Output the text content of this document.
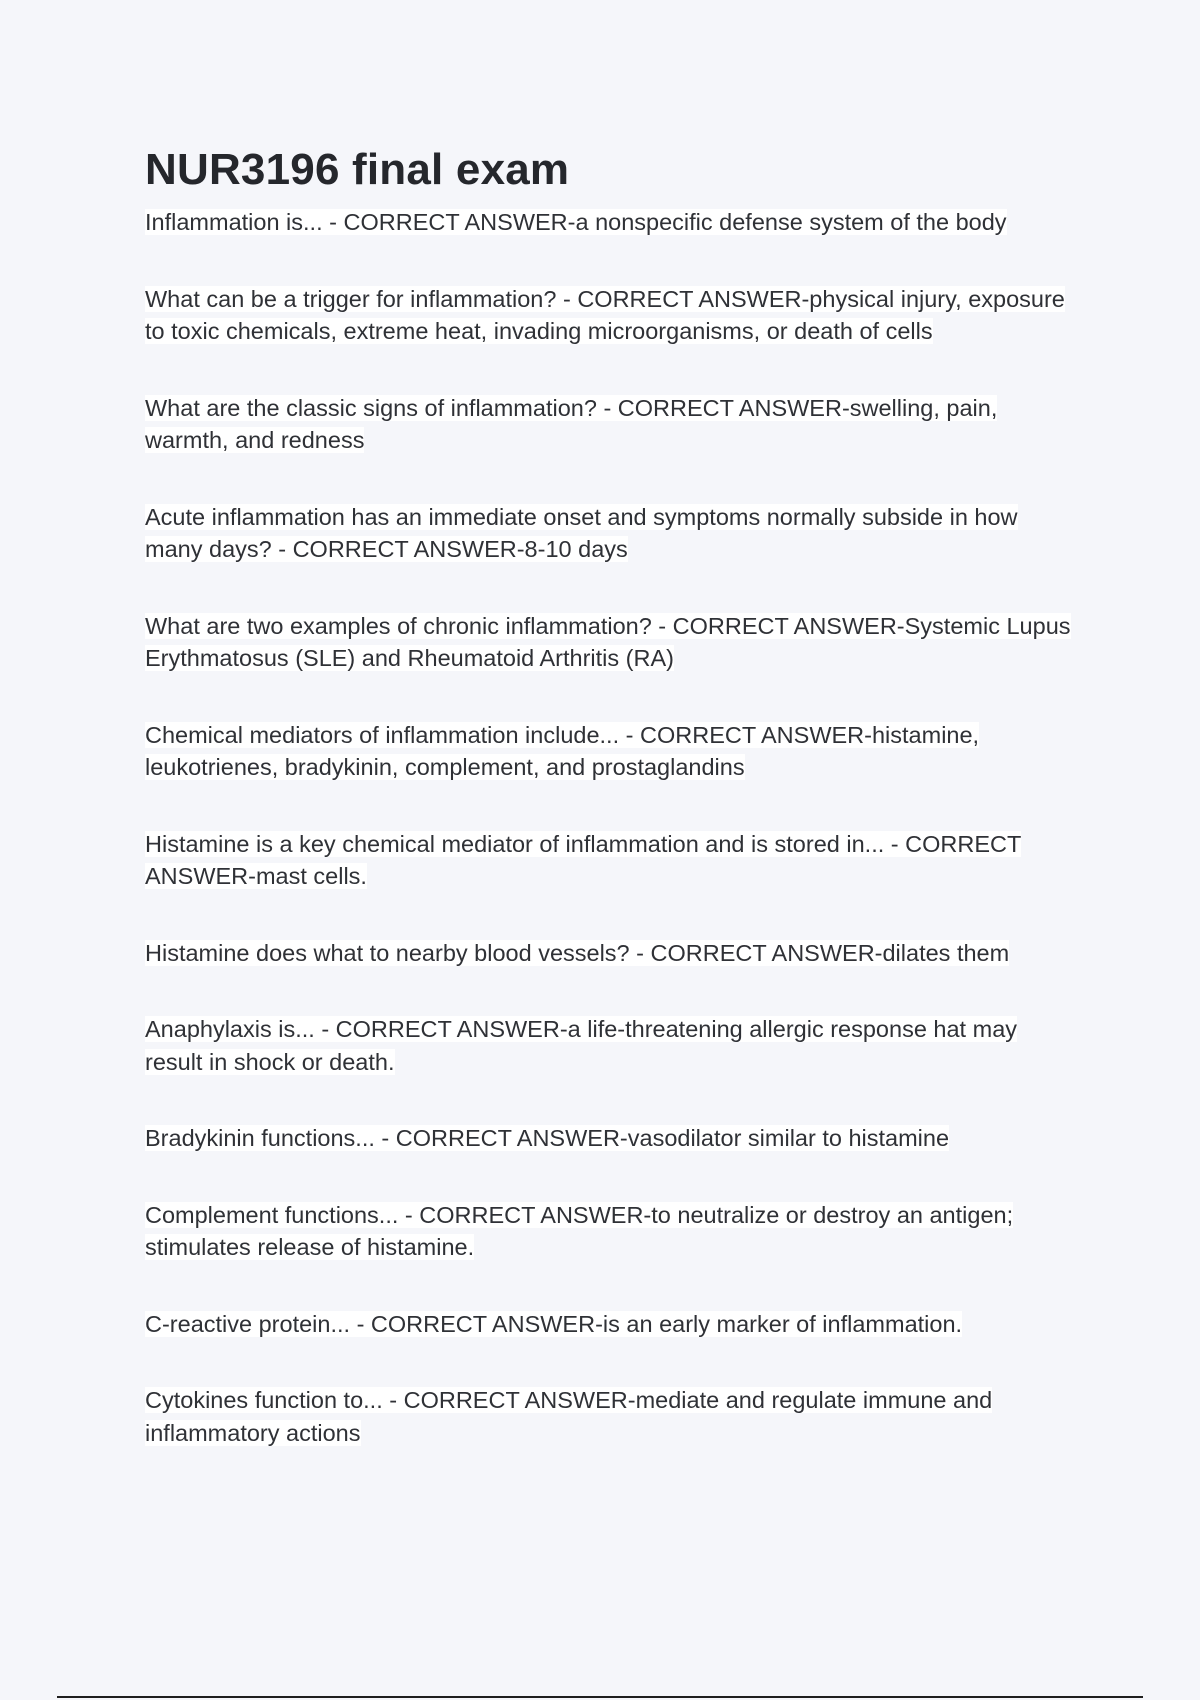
NUR3196 final exam
Inflammation is... - CORRECT ANSWER-a nonspecific defense system of the body
What can be a trigger for inflammation? - CORRECT ANSWER-physical injury, exposure to toxic chemicals, extreme heat, invading microorganisms, or death of cells
What are the classic signs of inflammation? - CORRECT ANSWER-swelling, pain, warmth, and redness
Acute inflammation has an immediate onset and symptoms normally subside in how many days? - CORRECT ANSWER-8-10 days
What are two examples of chronic inflammation? - CORRECT ANSWER-Systemic Lupus Erythmatosus (SLE) and Rheumatoid Arthritis (RA)
Chemical mediators of inflammation include... - CORRECT ANSWER-histamine, leukotrienes, bradykinin, complement, and prostaglandins
Histamine is a key chemical mediator of inflammation and is stored in... - CORRECT ANSWER-mast cells.
Histamine does what to nearby blood vessels? - CORRECT ANSWER-dilates them
Anaphylaxis is... - CORRECT ANSWER-a life-threatening allergic response hat may result in shock or death.
Bradykinin functions... - CORRECT ANSWER-vasodilator similar to histamine
Complement functions... - CORRECT ANSWER-to neutralize or destroy an antigen; stimulates release of histamine.
C-reactive protein... - CORRECT ANSWER-is an early marker of inflammation.
Cytokines function to... - CORRECT ANSWER-mediate and regulate immune and inflammatory actions
